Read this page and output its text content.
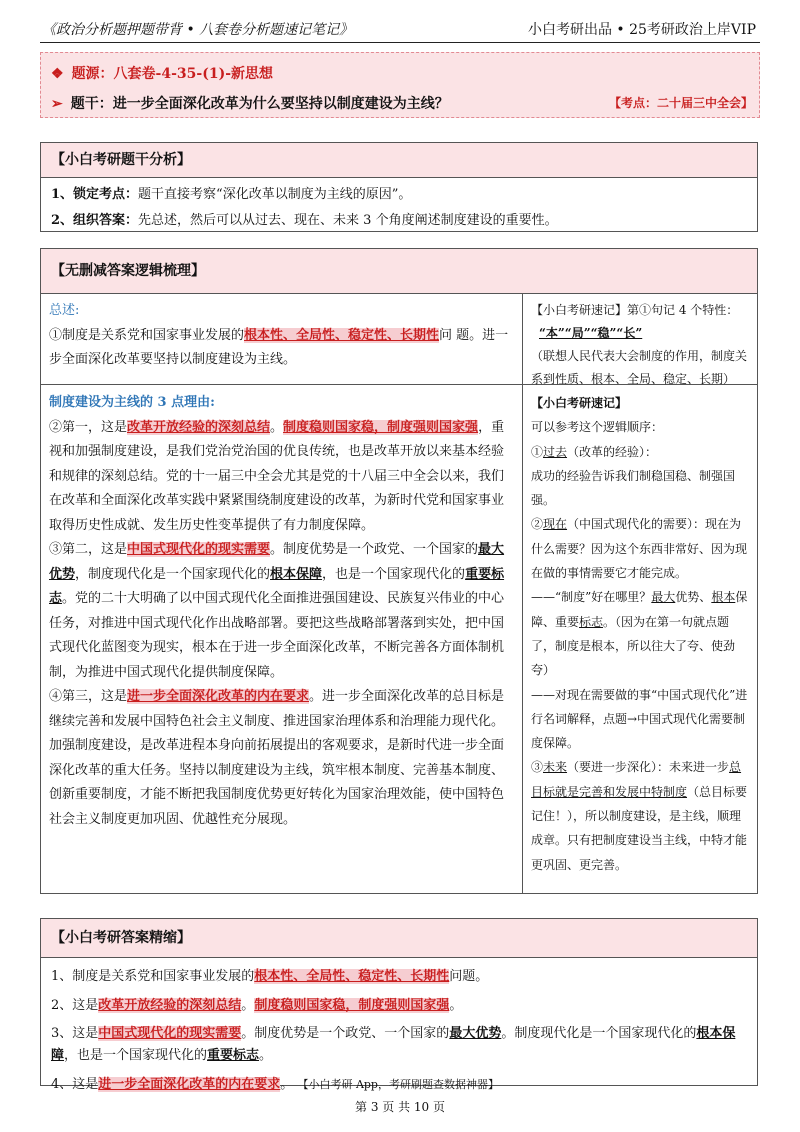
《政治分析题押题带背 • 八套卷分析题速记笔记》	小白考研出品 • 25考研政治上岸VIP
❖ 题源：八套卷-4-35-(1)-新思想
➢ 题干：进一步全面深化改革为什么要坚持以制度建设为主线？	【考点：二十届三中全会】
【小白考研题干分析】
1、锁定考点：题干直接考察“深化改革以制度为主线的原因”。
2、组织答案：先总述，然后可以从过去、现在、未来 3 个角度阐述制度建设的重要性。
【无删减答案逻辑梳理】
总述:
①制度是关系党和国家事业发展的根本性、全局性、稳定性、长期性问 题。进一步全面深化改革要坚持以制度建设为主线。
【小白考研速记】第①句记 4 个特性：
“本”“局”“稳”“长”
（联想人民代表大会制度的作用，制度关系到性质、根本、全局、稳定、长期）
制度建设为主线的 3 点理由:
②第一，这是改革开放经验的深刻总结。制度稳则国家稳，制度强则国家强，重视和加强制度建设，是我们党治党治国的优良传统，也是改革开放以来基本经验和规律的深刻总结。党的十一届三中全会尤其是党的十八届三中全会以来，我们在改革和全面深化改革实践中紧紧围绕制度建设的改革，为新时代党和国家事业取得历史性成就、发生历史性变革提供了有力制度保障。
③第二，这是中国式现代化的现实需要。制度优势是一个政党、一个国家的最大优势，制度现代化是一个国家现代化的根本保障，也是一个国家现代化的重要标志。党的二十大明确了以中国式现代化全面推进强国建设、民族复兴伟业的中心任务，对推进中国式现代化作出战略部署。要把这些战略部署落到实处，把中国式现代化蓝图变为现实，根本在于进一步全面深化改革，不断完善各方面体制机制，为推进中国式现代化提供制度保障。
④第三，这是进一步全面深化改革的内在要求。进一步全面深化改革的总目标是继续完善和发展中国特色社会主义制度、推进国家治理体系和治理能力现代化。加强制度建设，是改革进程本身向前拓展提出的客观要求，是新时代进一步全面深化改革的重大任务。坚持以制度建设为主线，筑牢根本制度、完善基本制度、创新重要制度，才能不断把我国制度优势更好转化为国家治理效能，使中国特色社会主义制度更加巩固、优越性充分展现。
【小白考研速记】
可以参考这个逻辑顺序：
①过去（改革的经验）：
成功的经验告诉我们制稳国稳、制强国强。
②现在（中国式现代化的需要）：现在为什么需要？因为这个东西非常好、因为现在做的事情需要它才能完成。
——“制度”好在哪里？最大优势、根本保障、重要标志。（因为在第一句就点题了，制度是根本，所以往大了夸、使劲夸）
——对现在需要做的事“中国式现代化”进行名词解释，点题→中国式现代化需要制度保障。
③未来（要进一步深化）：未来进一步总目标就是完善和发展中特制度（总目标要记住！），所以制度建设，是主线，顺理成章。只有把制度建设当主线，中特才能更巩固、更完善。
【小白考研答案精缩】
1、制度是关系党和国家事业发展的根本性、全局性、稳定性、长期性问题。
2、这是改革开放经验的深刻总结。制度稳则国家稳，制度强则国家强。
3、这是中国式现代化的现实需要。制度优势是一个政党、一个国家的最大优势。制度现代化是一个国家现代化的根本保障，也是一个国家现代化的重要标志。
4、这是进一步全面深化改革的内在要求。 【小白考研 App，考研刷题查数据神器】
第 3 页 共 10 页
